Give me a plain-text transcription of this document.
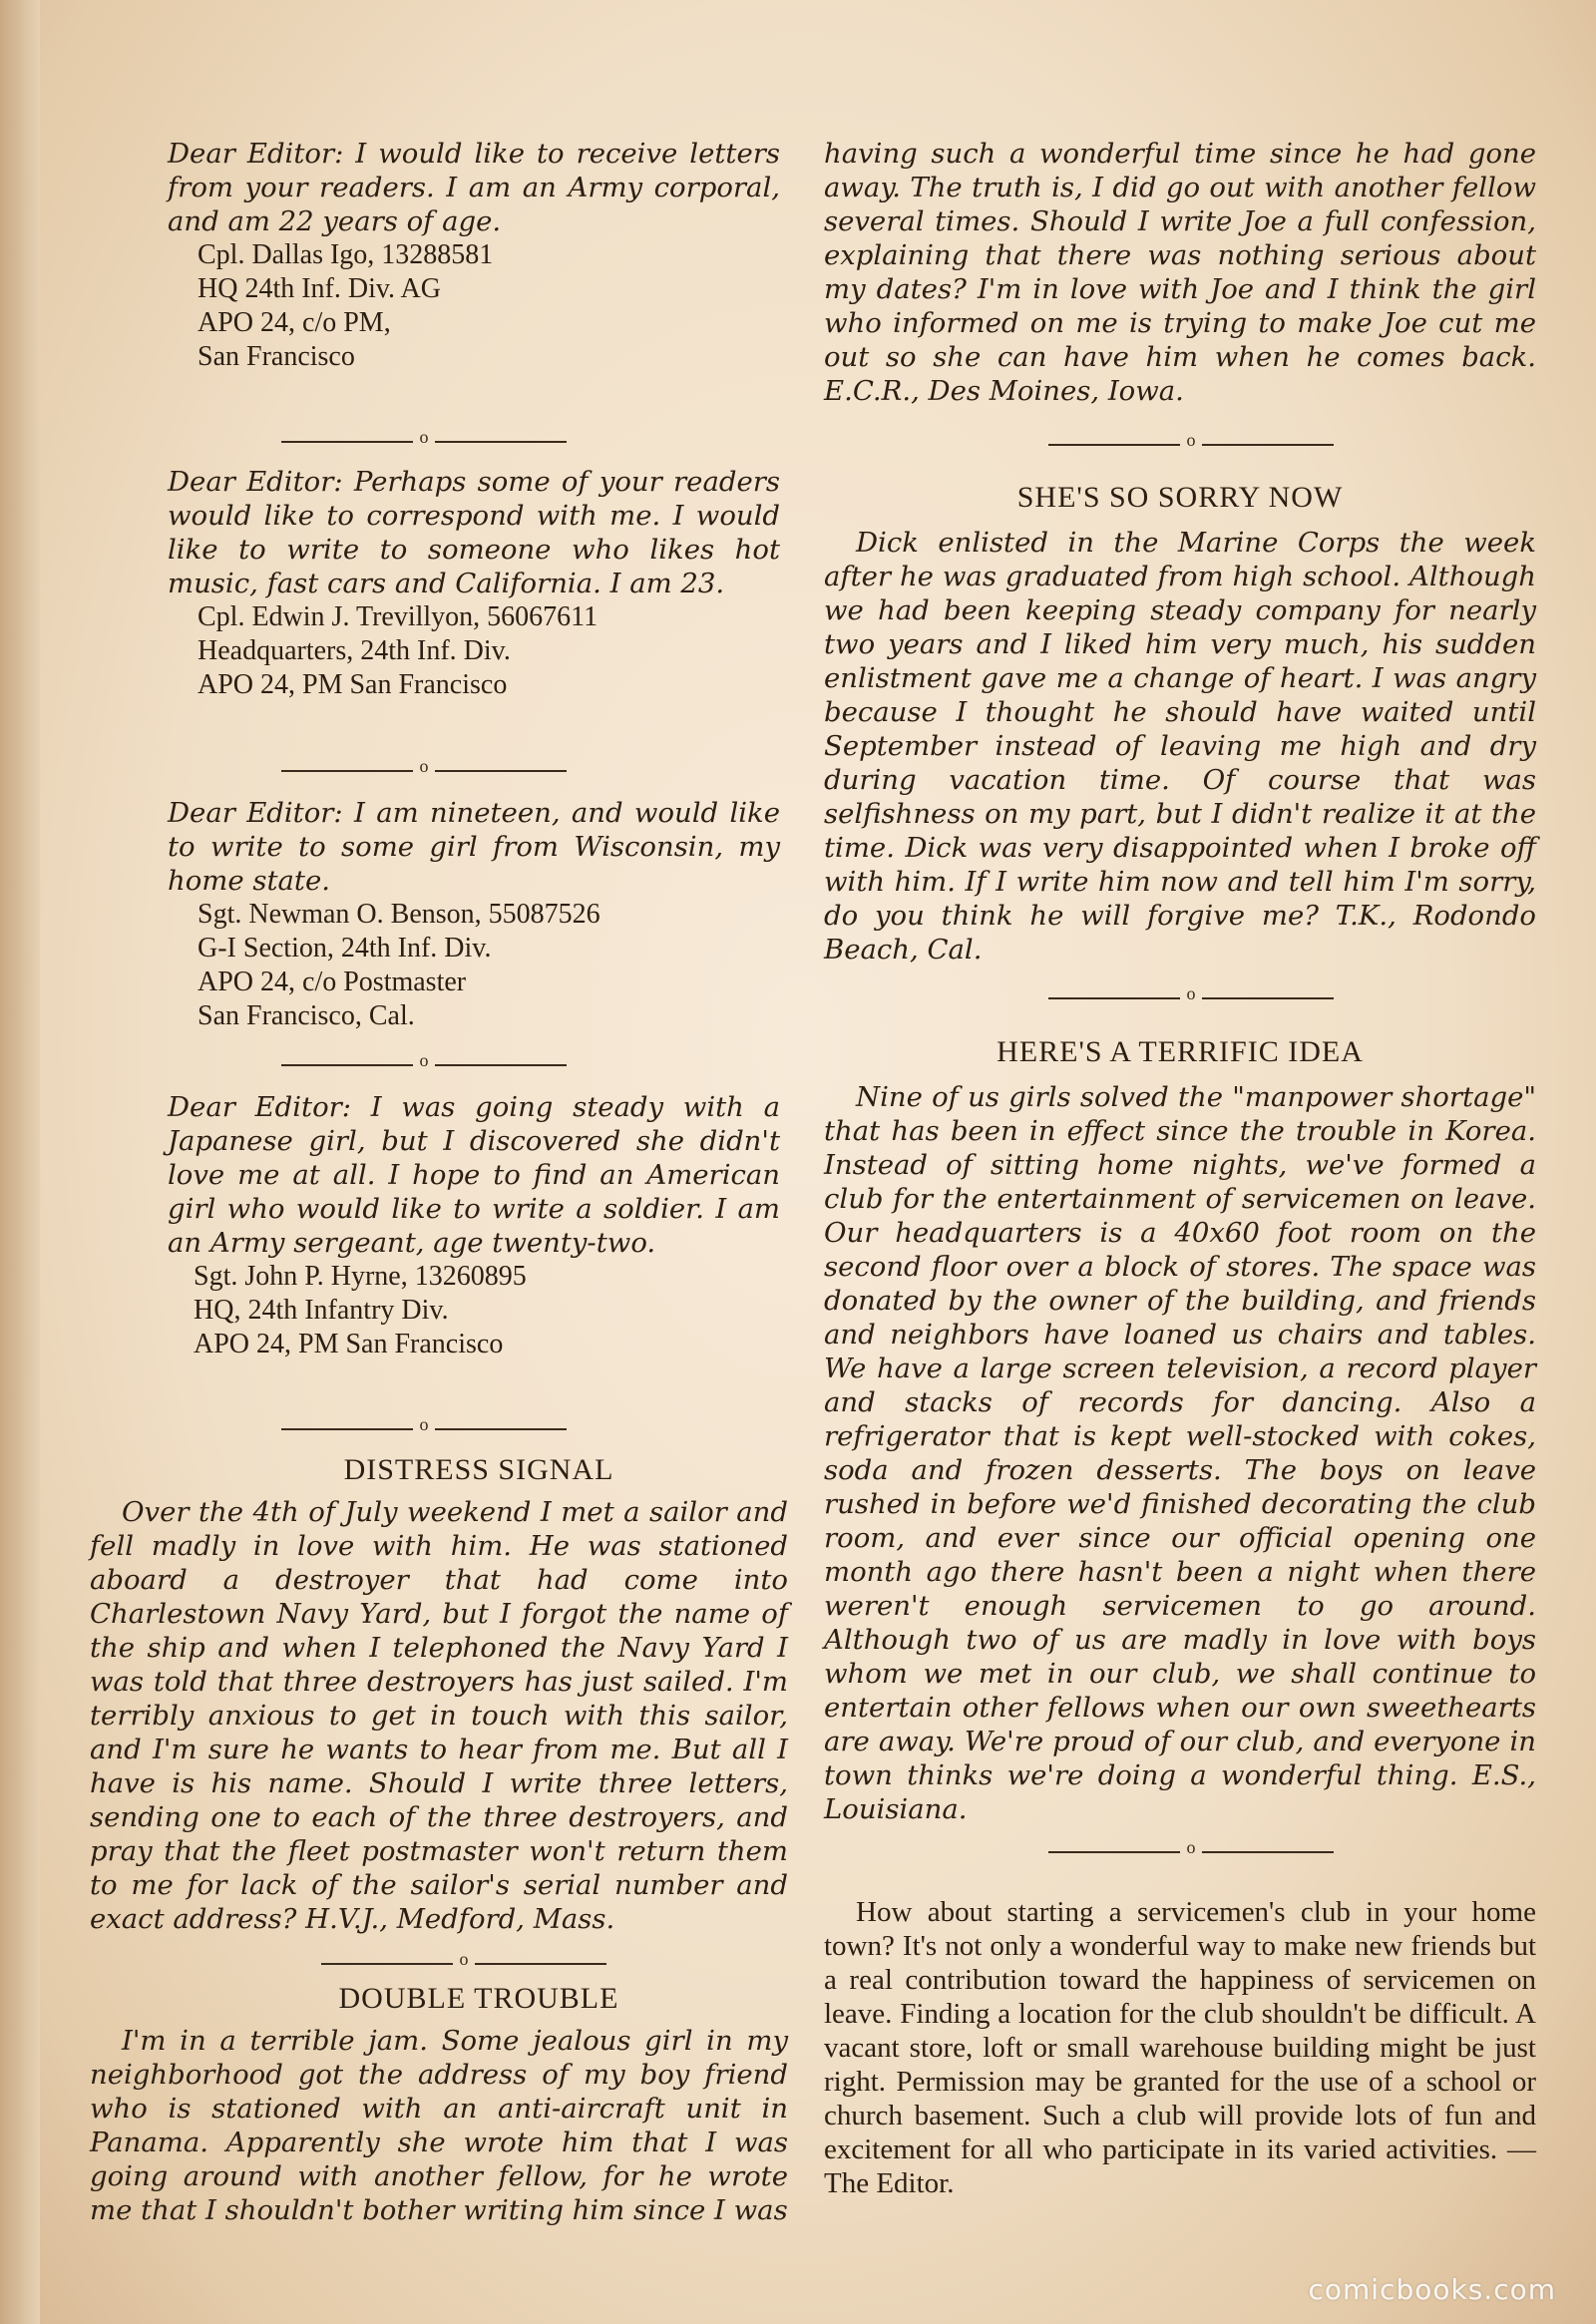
Dear Editor: I would like to receive letters from your readers. I am an Army corporal, and am 22 years of age.

Cpl. Dallas Igo, 13288581
HQ 24th Inf. Div. AG
APO 24, c/o PM,
San Francisco
o

Dear Editor: Perhaps some of your readers would like to correspond with me. I would like to write to someone who likes hot music, fast cars and California. I am 23.

Cpl. Edwin J. Trevillyon, 56067611
Headquarters, 24th Inf. Div.
APO 24, PM San Francisco
o

Dear Editor: I am nineteen, and would like to write to some girl from Wisconsin, my home state.

Sgt. Newman O. Benson, 55087526
G-I Section, 24th Inf. Div.
APO 24, c/o Postmaster
San Francisco, Cal.
o

Dear Editor: I was going steady with a Japanese girl, but I discovered she didn't love me at all. I hope to find an American girl who would like to write a soldier. I am an Army sergeant, age twenty-two.

Sgt. John P. Hyrne, 13260895
HQ, 24th Infantry Div.
APO 24, PM San Francisco
o
DISTRESS SIGNAL

Over the 4th of July weekend I met a sailor and fell madly in love with him. He was stationed aboard a destroyer that had come into Charlestown Navy Yard, but I forgot the name of the ship and when I telephoned the Navy Yard I was told that three destroyers has just sailed. I'm terribly anxious to get in touch with this sailor, and I'm sure he wants to hear from me. But all I have is his name. Should I write three letters, sending one to each of the three destroyers, and pray that the fleet postmaster won't return them to me for lack of the sailor's serial number and exact address? H.V.J., Medford, Mass.

o
DOUBLE TROUBLE

I'm in a terrible jam. Some jealous girl in my neighborhood got the address of my boy friend who is stationed with an anti-aircraft unit in Panama. Apparently she wrote him that I was going around with another fellow, for he wrote me that I shouldn't bother writing him since I was

having such a wonderful time since he had gone away. The truth is, I did go out with another fellow several times. Should I write Joe a full confession, explaining that there was nothing serious about my dates? I'm in love with Joe and I think the girl who informed on me is trying to make Joe cut me out so she can have him when he comes back. E.C.R., Des Moines, Iowa.

o
SHE'S SO SORRY NOW

Dick enlisted in the Marine Corps the week after he was graduated from high school. Although we had been keeping steady company for nearly two years and I liked him very much, his sudden enlistment gave me a change of heart. I was angry because I thought he should have waited until September instead of leaving me high and dry during vacation time. Of course that was selfishness on my part, but I didn't realize it at the time. Dick was very disappointed when I broke off with him. If I write him now and tell him I'm sorry, do you think he will forgive me? T.K., Rodondo Beach, Cal.

o
HERE'S A TERRIFIC IDEA

Nine of us girls solved the "manpower shortage" that has been in effect since the trouble in Korea. Instead of sitting home nights, we've formed a club for the entertainment of servicemen on leave. Our headquarters is a 40x60 foot room on the second floor over a block of stores. The space was donated by the owner of the building, and friends and neighbors have loaned us chairs and tables. We have a large screen television, a record player and stacks of records for dancing. Also a refrigerator that is kept well-stocked with cokes, soda and frozen desserts. The boys on leave rushed in before we'd finished decorating the club room, and ever since our official opening one month ago there hasn't been a night when there weren't enough servicemen to go around. Although two of us are madly in love with boys whom we met in our club, we shall continue to entertain other fellows when our own sweethearts are away. We're proud of our club, and everyone in town thinks we're doing a wonderful thing. E.S., Louisiana.

o

How about starting a servicemen's club in your home town? It's not only a wonderful way to make new friends but a real contribution toward the happiness of servicemen on leave. Finding a location for the club shouldn't be difficult. A vacant store, loft or small warehouse building might be just right. Permission may be granted for the use of a school or church basement. Such a club will provide lots of fun and excitement for all who participate in its varied activities. — The Editor.

comicbooks.com
